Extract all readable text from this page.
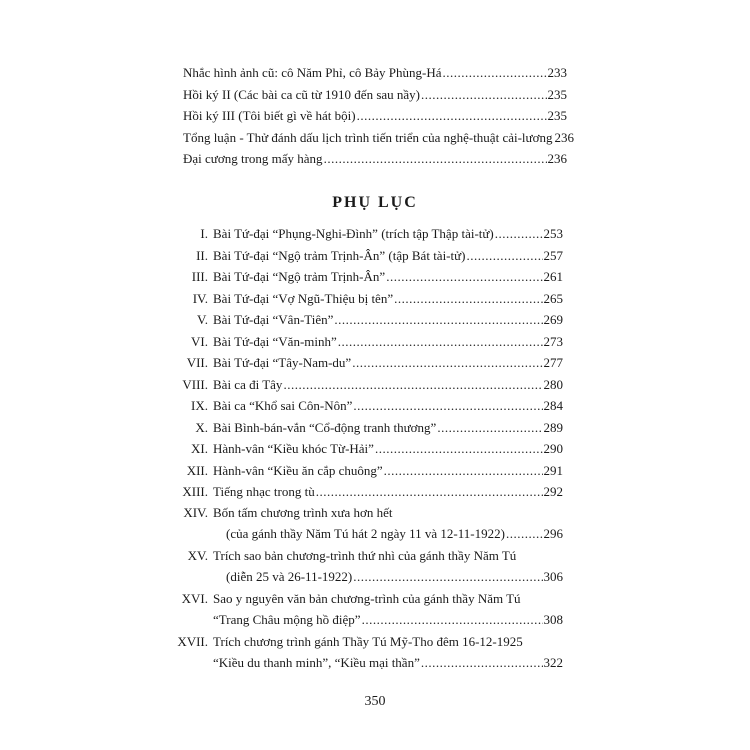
Nhắc hình ảnh cũ: cô Năm Phỉ, cô Bảy Phùng-Há .....	233
Hồi ký II (Các bài ca cũ từ 1910 đến sau nầy) .....	235
Hồi ký III (Tôi biết gì về hát bội) .....	235
Tổng luận - Thử đánh dấu lịch trình tiến triển của nghệ-thuật cải-lương 236
Đại cương trong mấy hàng .....	236
PHỤ LỤC
I. Bài Tứ-đại “Phụng-Nghi-Đình” (trích tập Thập tài-tử) .....	253
II. Bài Tứ-đại “Ngộ trảm Trịnh-Ân” (tập Bát tài-tử) .....	257
III. Bài Tứ-đại “Ngộ trảm Trịnh-Ân” .....	261
IV. Bài Tứ-đại “Vợ Ngũ-Thiệu bị tên” .....	265
V. Bài Tứ-đại “Vân-Tiên” .....	269
VI. Bài Tứ-đại “Văn-minh” .....	273
VII. Bài Tứ-đại “Tây-Nam-du” .....	277
VIII. Bài ca đi Tây .....	280
IX. Bài ca “Khổ sai Côn-Nôn” .....	284
X. Bài Bình-bán-vắn “Cổ-động tranh thương” .....	289
XI. Hành-vân “Kiều khóc Từ-Hải” .....	290
XII. Hành-vân “Kiều ăn cắp chuông” .....	291
XIII. Tiếng nhạc trong tù .....	292
XIV. Bốn tấm chương trình xưa hơn hết
(của gánh thầy Năm Tú hát 2 ngày 11 và 12-11-1922) .....	296
XV. Trích sao bản chương-trình thứ nhì của gánh thầy Năm Tú
(diễn 25 và 26-11-1922) .....	306
XVI. Sao y nguyên văn bản chương-trình của gánh thầy Năm Tú
“Trang Châu mộng hồ điệp” .....	308
XVII. Trích chương trình gánh Thầy Tú Mỹ-Tho đêm 16-12-1925
“Kiều du thanh minh”, “Kiều mại thần” .....	322
350
